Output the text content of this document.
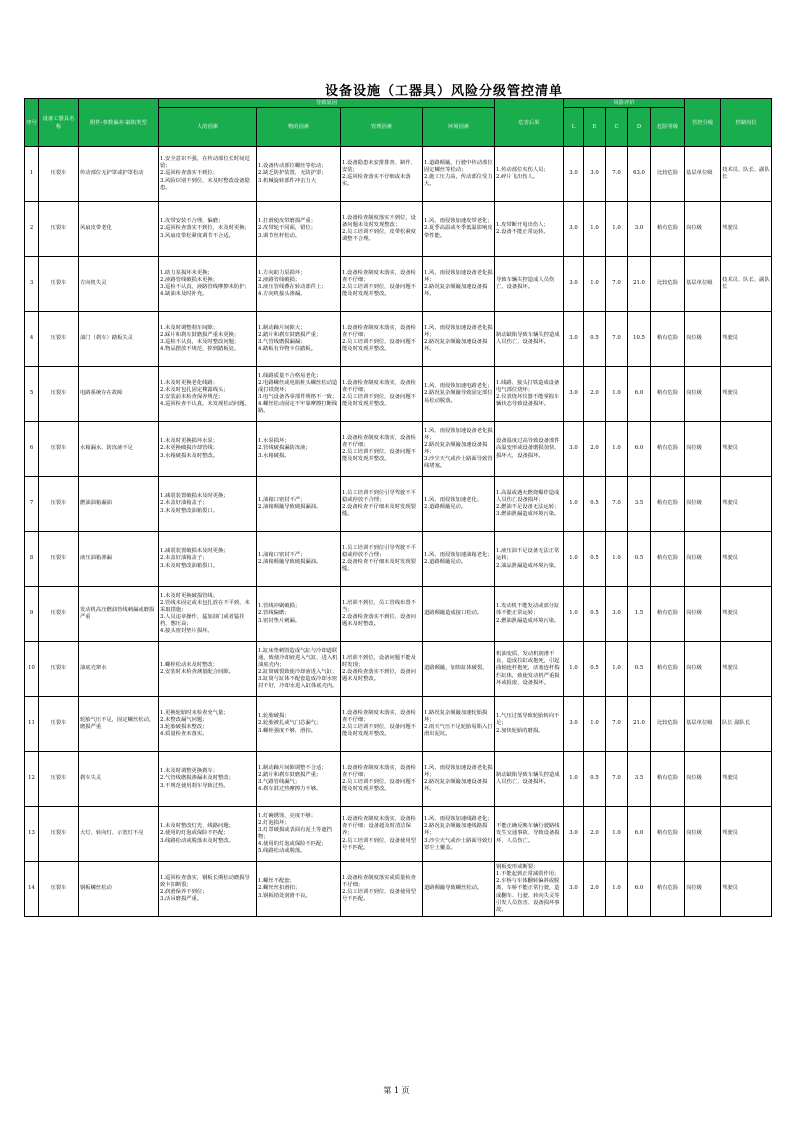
设备设施（工器具）风险分级管控清单
序号	设备工器具名称	附件-参数偏差-缺陷类型	导致原因				危害后果	风险评价					管控分级	控制岗位
			人的因素	物的因素	管理因素	环境因素		L	E	C	D	危险等级		
1	压裂车	传动部位无护罩或护罩松动	1.安全意识不强，在传动部位长时间逗留；
2.巡回检查落实不到位；
3.风险识别不到位，未及时整改设备隐患。	1.设备传动部位螺丝等松动；
2.缺乏防护装置，无防护罩；
3.机械旋转部件冲击力大	1.设备隐患未安排排查、制作、安装；
2.巡回检查落实不仔细或未落实。	1.道路颠簸，行驶中传动部位固定螺丝等松动；
2.施工压力高，传动部位受力大。	1.传动部位夹伤人员；
2.碎片飞出伤人。	3.0	3.0	7.0	63.0	比较危险	基层单位级	技术员、队长、副队长
2	压裂车	风扇皮带老化	1.皮带安装不合理，偏磨；
2.巡回检查落实不到位，未及时更换；
3.风扇皮带松紧度调节不合适。	1.打滑使皮带磨损严重；
2.皮带轮不同面，错位；
3.调节丝杆松动。	1.设备检查制度落实不到位，设备问题未及时发现整改；
2.员工培训不到位，皮带松紧度调整不合理。	1.风、雨侵蚀加速皮带老化；
2.夏季高温或冬季低温影响皮带性能。	1.皮带断开甩出伤人；
2.设备不能正常运转。	3.0	1.0	1.0	3.0	稍有危险	岗位级	驾驶员
3	压裂车	方向机失灵	1.助力泵损坏未更换；
2.液路管线破损未更换；
3.巡检不认真，液路管线摩擦未防护；
4.缺油未及时补充。	1.方向助力泵损坏；
2.液路管线破损；
3.液压管线叠在转动部件上；
4.方向机接头渗漏。	1.设备检查制度未落实，设备检查不仔细；
2.员工培训不到位，设备问题不能及时发现并整改。	1.风、雨侵蚀加速设备老化损坏；
2.路况复杂颠簸加速设备损坏。	导致车辆失控造成人员伤亡、设备损坏。	3.0	1.0	7.0	21.0	比较危险	基层单位级	技术员、队长、副队长
4	压裂车	油门（刹车）踏板失灵	1.未及时调整刹车间隙；
2.踩片和刹车鼓磨损严重未更换；
3.巡检不认真，未及时整改问题；
4.物品摆放不规范，掉到踏板处。	1.制动蹄片间隙大；
2.踏片和刹车鼓磨损严重；
3.气管线磨损漏漏；
4.踏板有异物卡住踏板。	1.设备检查制度未落实，设备检查不仔细；
2.员工培训不到位，设备问题不能及时发现并整改。	1.风、雨侵蚀加速设备老化损坏；
2.路况复杂颠簸加速设备损坏。	制动缺陷导致车辆失控造成人员伤亡、设备损坏。	3.0	0.5	7.0	10.5	稍有危险	岗位级	驾驶员
5	压裂车	电路系统存在故障	1.未及时更换老化线路；
2.未及时包扎固定裸露线头；
3.安装前未检查保养规范；
4.巡回检查不认真，未发现松动问题。	1.线路质量不合格易老化；
2.电路螺丝或电瓶桩头螺丝松动造成打铁烧坏；
3.电气设备各零部件规格不一致；
4.螺丝松动固定不牢靠摩擦打断线路。	1.设备检查制度未落实，设备检查不仔细；
2.员工培训不到位，设备问题不能及时发现并整改。	1.风、雨侵蚀加速电路老化；
2.路况复杂颠簸导致固定部位易松动脱落。	1.线路、接头打铁造成设备电气部位烧坏；
2.仪表烧坏仪器不能掌握车辆状态导致设备损坏。	3.0	2.0	1.0	6.0	稍有危险	岗位级	驾驶员
6	压裂车	水箱漏水、防冻液不足	1.未及时更换损坏水泵；
2.未更换破损冷却管线；
3.水箱破损未及时整改。	1.水泵损坏；
2.管线破损漏防冻液；
3.水箱破损。	1.设备检查制度未落实，设备检查不仔细；
2.员工培训不到位，设备问题不能及时发现并整改。	1.风、雨侵蚀加速设备老化损坏；
2.路况复杂颠簸加速设备损坏；
3.沙尘天气或沙土路面导致管线堵塞。	设备温度过高导致设备部件高温变形或设备磨损加快，损坏大，设备损坏。	3.0	2.0	1.0	6.0	稍有危险	岗位级	驾驶员
7	压裂车	燃油油箱漏油	1.减震装置破损未及时更换；
2.未盖好油箱盖子；
3.未及时整改油箱裂口。	1.油箱口密封不严；
2.油箱颠簸导致破损漏油。	1.员工培训不到位引导驾驶不平稳或停放不合理；
2.设备检查不仔细未及时发现裂缝。	1.风、雨侵蚀加速老化；
2.道路颠簸晃动。	1.高温或遇火燃烧爆炸造成人员伤亡设备损坏；
2.燃油不足设备无法运转；
3.燃油泄漏造成环境污染。	1.0	0.5	7.0	3.5	稍有危险	岗位级	驾驶员
8	压裂车	液压油箱渗漏	1.减震装置破损未及时更换；
2.未盖好油箱盖子；
3.未及时整改油箱裂口。	1.油箱口密封不严；
2.油箱颠簸导致破损漏油。	1.员工培训不到位引导驾驶不平稳或停放不合理；
2.设备检查不仔细未及时发现裂缝。	1.风、雨侵蚀加速油箱老化；
2.道路颠簸晃动。	1.液压油不足设备无法正常运转；
2.油品泄漏造成环境污染。	1.0	0.5	1.0	0.5	稍有危险	岗位级	驾驶员
9	压裂车	发动机高压燃油管线刺漏或磨损严重	1.未及时更换破损管线；
2.管线未固定或未包扎放在不平到，未采取措施；
3.人员违章操作，猛加油门或者猛挂档，憋压高；
4.接头密封垫片损坏。	1.管线冲刷破损；
2.管线偏磨；
3.密封垫片刺漏。	1.培训不到位，员工管线布置不当；
2.设备检查落实不到位，设备问题未及时整改。	道路颠簸造成接口松动。	1.发动机不能发动或部分缸体不能正常运转；
2.燃油泄漏造成环境污染。	1.0	0.5	3.0	1.5	稍有危险	岗位级	驾驶员
10	压裂车	油底壳窜水	1.螺栓松动未及时整改；
2.安装时未检查测量配合间隙。	1.缸床垫刺毁造成气缸与冷却道联通，致使冷却液进入气缸，进入机油底壳内；
2.缸筒破裂致使冷却液进入气缸；
3.缸筒与缸体不配套造成冷却水密封不好，冷却水进入缸体底壳内。	1.培训不到位，设备问题不能及时发现；
2.设备检查落实不到位，设备问题未及时整改。	道路颠簸，加快缸体破裂。	机油变质，发动机润滑不良，造成拉缸或抱死，引起曲轴连杆抱死，活塞连杆捣烂缸体，致使发动机严重损坏或报废，设备损坏。	1.0	0.5	1.0	0.5	稍有危险	岗位级	驾驶员
11	压裂车	轮胎气压不足，固定螺丝松动，磨损严重	1.更换轮胎时未检查充气量；
2.未整改漏气问题；
3.轮胎破损未整改；
4.质量检查未落实。	1.轮胎破损；
2.轮胎被扎或气门芯漏气；
3.螺栓强度不够，滑扣。	1.设备检查制度未落实，设备检查不仔细；
2.员工培训不到位，设备问题不能及时发现并整改。	1.路况复杂颠簸加速轮胎损坏；
2.雨天气压不足轮胎易陷入打滑出泥坑。	1.气压过低导致轮胎转向不足；
2.加快轮胎的磨损。	3.0	1.0	7.0	21.0	比较危险	基层单位级	队长 副队长
12	压裂车	刹车失灵	1.未及时调整更换刹车；
2.气管线磨损渗漏未及时整改；
3.不规范使用刹车导致过热。	1.制动蹄片间隙调整不合适；
2.踏片和刹车鼓磨损严重；
3.气路管线漏气；
4.刹车鼓过热摩擦力不够。	1.设备检查制度未落实，设备检查不仔细；
2.员工培训不到位，设备问题不能及时发现并整改。	1.风、雨侵蚀加速设备老化损坏；
2.路况复杂颠簸加速设备损坏。	制动缺陷导致车辆失控造成人员伤亡、设备损坏。	1.0	0.5	7.0	3.5	稍有危险	岗位级	驾驶员
13	压裂车	大灯、转向灯、示宽灯不亮	1.未及时整改灯光、线路问题；
2.使用的灯泡或保险不匹配；
3.线路松动或脱落未及时整改。	1.灯碗锈蚀，亮度不够；
2.灯泡损坏；
3.灯罩破损或表面有泥土等遮挡物；
4.使用的灯泡或保险不匹配；
5.线路松动或脱落。	1.设备检查制度未落实，设备检查不仔细；设备超及时清洁保养；
2.员工培训不到位，设备使用型号不匹配。	1.风、雨侵蚀加速线路老化；
2.路况复杂颠簸加速线路损坏；
3.沙尘天气或沙土路面导致灯罩尘土覆盖。	不能正确反映车辆行驶路线发生交通事故、导致设备损坏、人员伤亡。	3.0	2.0	1.0	6.0	稍有危险	岗位级	驾驶员
14	压裂车	钢板螺丝松动	1.巡回检查落实，钢板长期松动磨损导致卡扣断裂；
2.润滑保养不到位；
3.活吊磨损严重。	1.螺丝不配套；
2.螺丝丝扣滑扣；
3.钢板销处润滑不良。	1.设备检查制度落实或质量检查不仔细；
2.员工培训不到位，设备使用型号不匹配。	道路颠簸导致螺丝松动。	钢板变形或断裂：
1.不能起到正常减震作用；
2.车桥与车体翻转偏斜或脱离，车桥不能正常行驶，造成翻车、行驶、转向失灵等引发人员伤害、设备损坏事故。	3.0	2.0	1.0	6.0	稍有危险	岗位级	驾驶员
第 1 页
